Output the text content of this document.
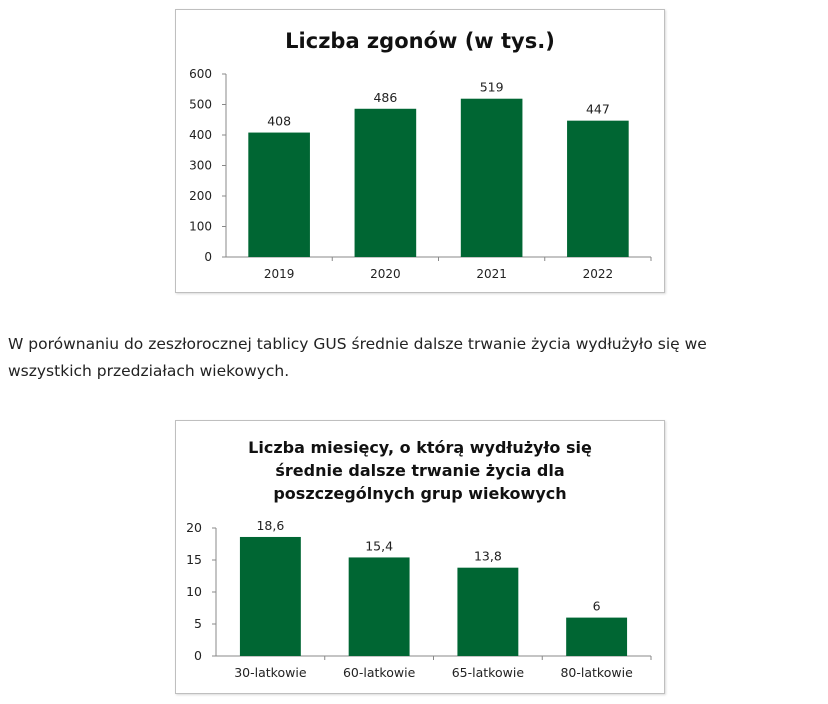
Liczba zgonów (w tys.)
0
100
200
300
400
500
600
408
2019
486
2020
519
2021
447
2022

W porównaniu do zeszłorocznej tablicy GUS średnie dalsze trwanie życia wydłużyło się we
wszystkich przedziałach wiekowych.

Liczba miesięcy, o którą wydłużyło się
średnie dalsze trwanie życia dla
poszczególnych grup wiekowych
0
5
10
15
20	18,6
30-latkowie
15,4
60-latkowie
13,8
65-latkowie
6
80-latkowie
